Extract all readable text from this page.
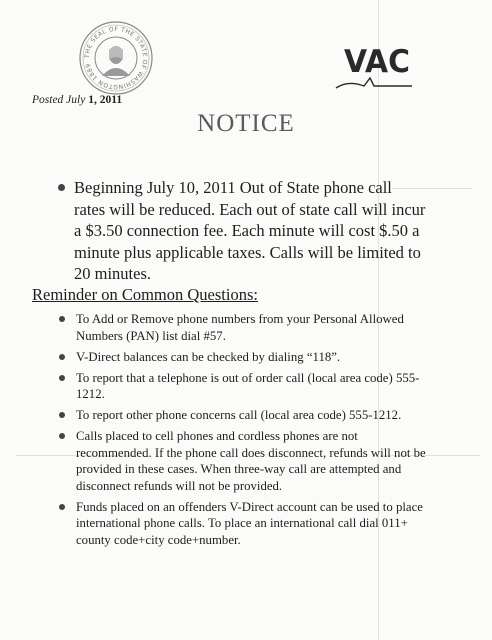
THE SEAL OF THE STATE OF WASHINGTON 1889	VAC
Posted July 1, 2011
NOTICE
Beginning July 10, 2011 Out of State phone call rates will be reduced. Each out of state call will incur a $3.50 connection fee. Each minute will cost $.50 a minute plus applicable taxes. Calls will be limited to 20 minutes.
Reminder on Common Questions:
To Add or Remove phone numbers from your Personal Allowed Numbers (PAN) list dial #57.
V-Direct balances can be checked by dialing “118”.
To report that a telephone is out of order call (local area code) 555-1212.
To report other phone concerns call (local area code) 555-1212.
Calls placed to cell phones and cordless phones are not recommended. If the phone call does disconnect, refunds will not be provided in these cases. When three-way call are attempted and disconnect refunds will not be provided.
Funds placed on an offenders V-Direct account can be used to place international phone calls. To place an international call dial 011+ county code+city code+number.
